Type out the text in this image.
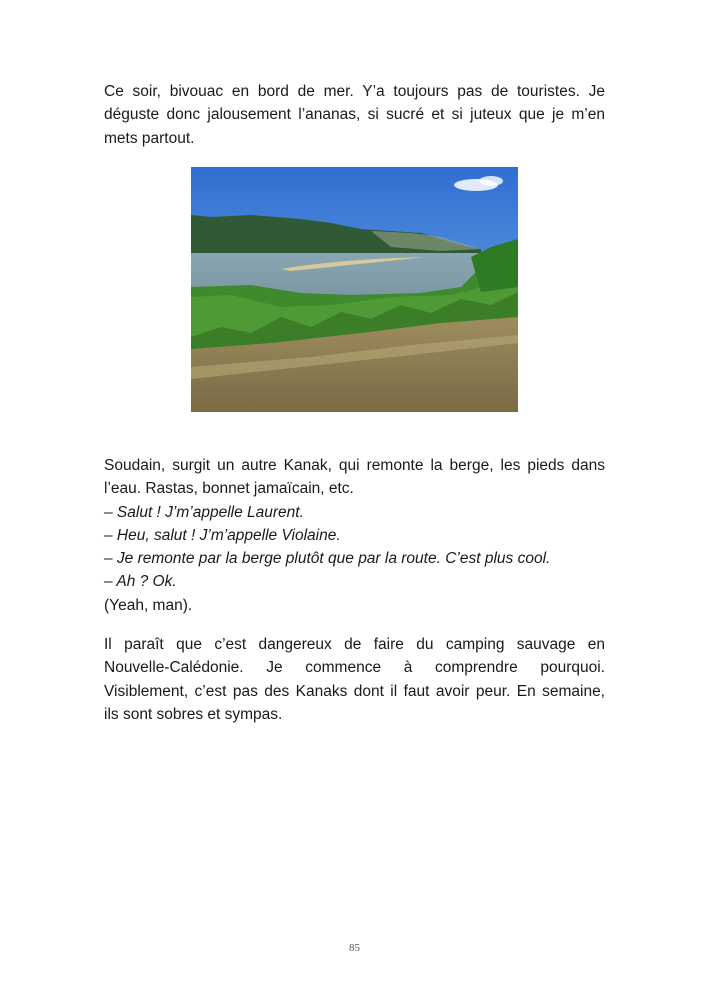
Ce soir, bivouac en bord de mer. Y’a toujours pas de touristes. Je
déguste donc jalousement l’ananas, si sucré et si juteux que je m’en
mets partout.

Soudain, surgit un autre Kanak, qui remonte la berge, les pieds dans
l’eau. Rastas, bonnet jamaïcain, etc.
– Salut ! J’m’appelle Laurent.
– Heu, salut ! J’m’appelle Violaine.
– Je remonte par la berge plutôt que par la route. C’est plus cool.
– Ah ? Ok.
(Yeah, man).

Il paraît que c’est dangereux de faire du camping sauvage en
Nouvelle-Calédonie. Je commence à comprendre pourquoi.
Visiblement, c’est pas des Kanaks dont il faut avoir peur. En semaine,
ils sont sobres et sympas.

85
